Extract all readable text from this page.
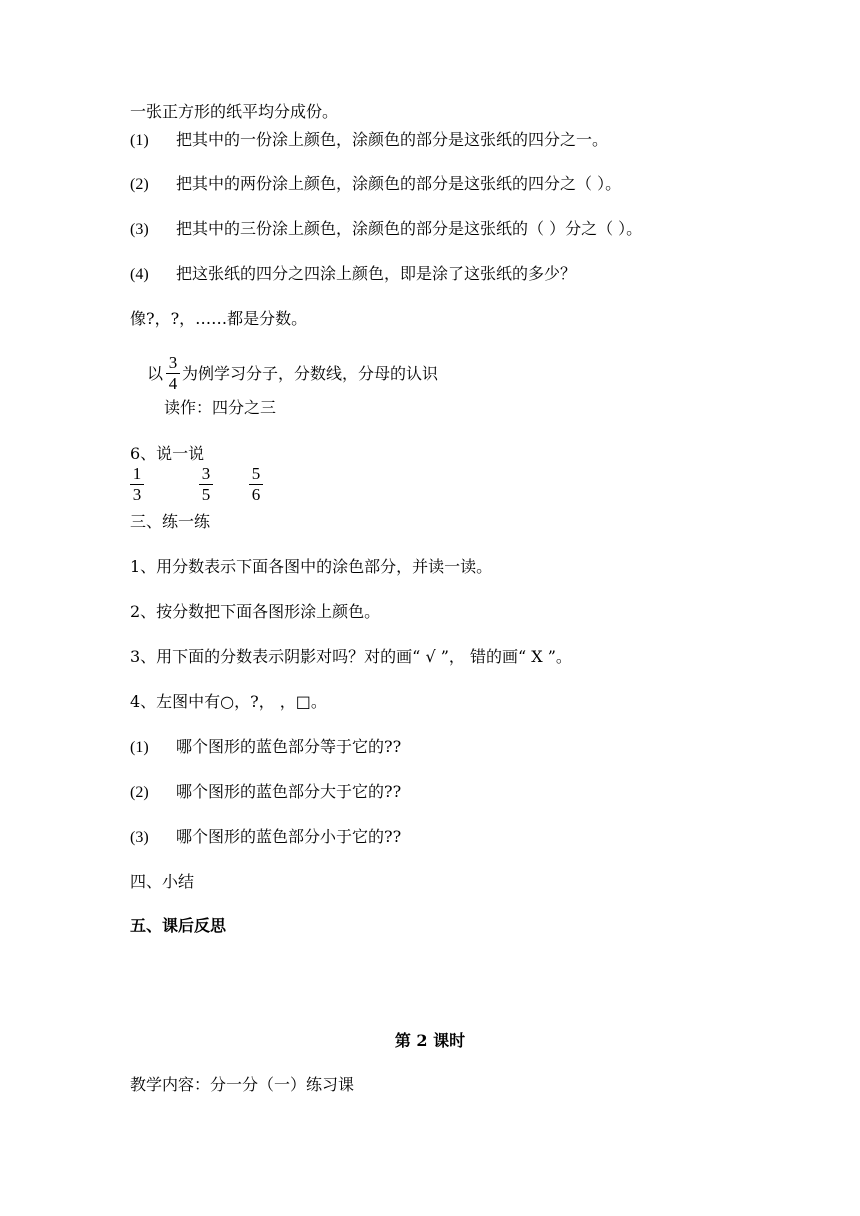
一张正方形的纸平均分成份。
(1) 把其中的一份涂上颜色，涂颜色的部分是这张纸的四分之一。
(2) 把其中的两份涂上颜色，涂颜色的部分是这张纸的四分之（ ）。
(3) 把其中的三份涂上颜色，涂颜色的部分是这张纸的（ ）分之（ ）。
(4) 把这张纸的四分之四涂上颜色，即是涂了这张纸的多少？
像?，?，……都是分数。
以
3
4
为例学习分子，分数线，分母的认识
读作：四分之三
6、说一说
1
3
3
5
5
6
三、练一练
1、用分数表示下面各图中的涂色部分，并读一读。
2、按分数把下面各图形涂上颜色。
3、用下面的分数表示阴影对吗？对的画“ √ ”， 错的画“ X ”。
4、左图中有○，?， ，□。
(1) 哪个图形的蓝色部分等于它的??
(2) 哪个图形的蓝色部分大于它的??
(3) 哪个图形的蓝色部分小于它的??
四、小结
五、课后反思
第 2 课时
教学内容：分一分（一）练习课
